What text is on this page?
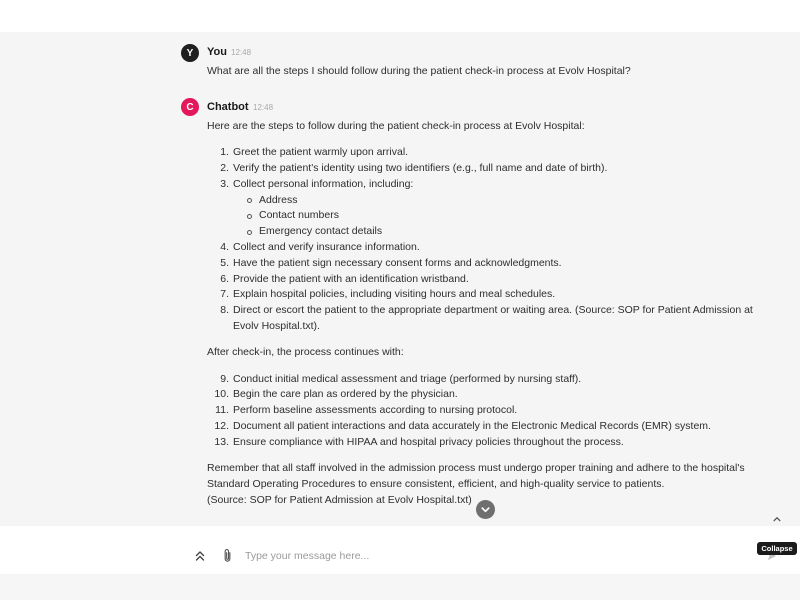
Y	You 12:48
What are all the steps I should follow during the patient check-in process at Evolv Hospital?
C	Chatbot 12:48

Here are the steps to follow during the patient check-in process at Evolv Hospital:

1. Greet the patient warmly upon arrival.
2. Verify the patient's identity using two identifiers (e.g., full name and date of birth).
3. Collect personal information, including:
Address
Contact numbers
Emergency contact details
4. Collect and verify insurance information.
5. Have the patient sign necessary consent forms and acknowledgments.
6. Provide the patient with an identification wristband.
7. Explain hospital policies, including visiting hours and meal schedules.
8. Direct or escort the patient to the appropriate department or waiting area. (Source: SOP for Patient Admission at
Evolv Hospital.txt).

After check-in, the process continues with:

9. Conduct initial medical assessment and triage (performed by nursing staff).
10. Begin the care plan as ordered by the physician.
11. Perform baseline assessments according to nursing protocol.
12. Document all patient interactions and data accurately in the Electronic Medical Records (EMR) system.
13. Ensure compliance with HIPAA and hospital privacy policies throughout the process.

Remember that all staff involved in the admission process must undergo proper training and adhere to the hospital's
Standard Operating Procedures to ensure consistent, efficient, and high-quality service to patients.
(Source: SOP for Patient Admission at Evolv Hospital.txt)

Type your message here...
Collapse
